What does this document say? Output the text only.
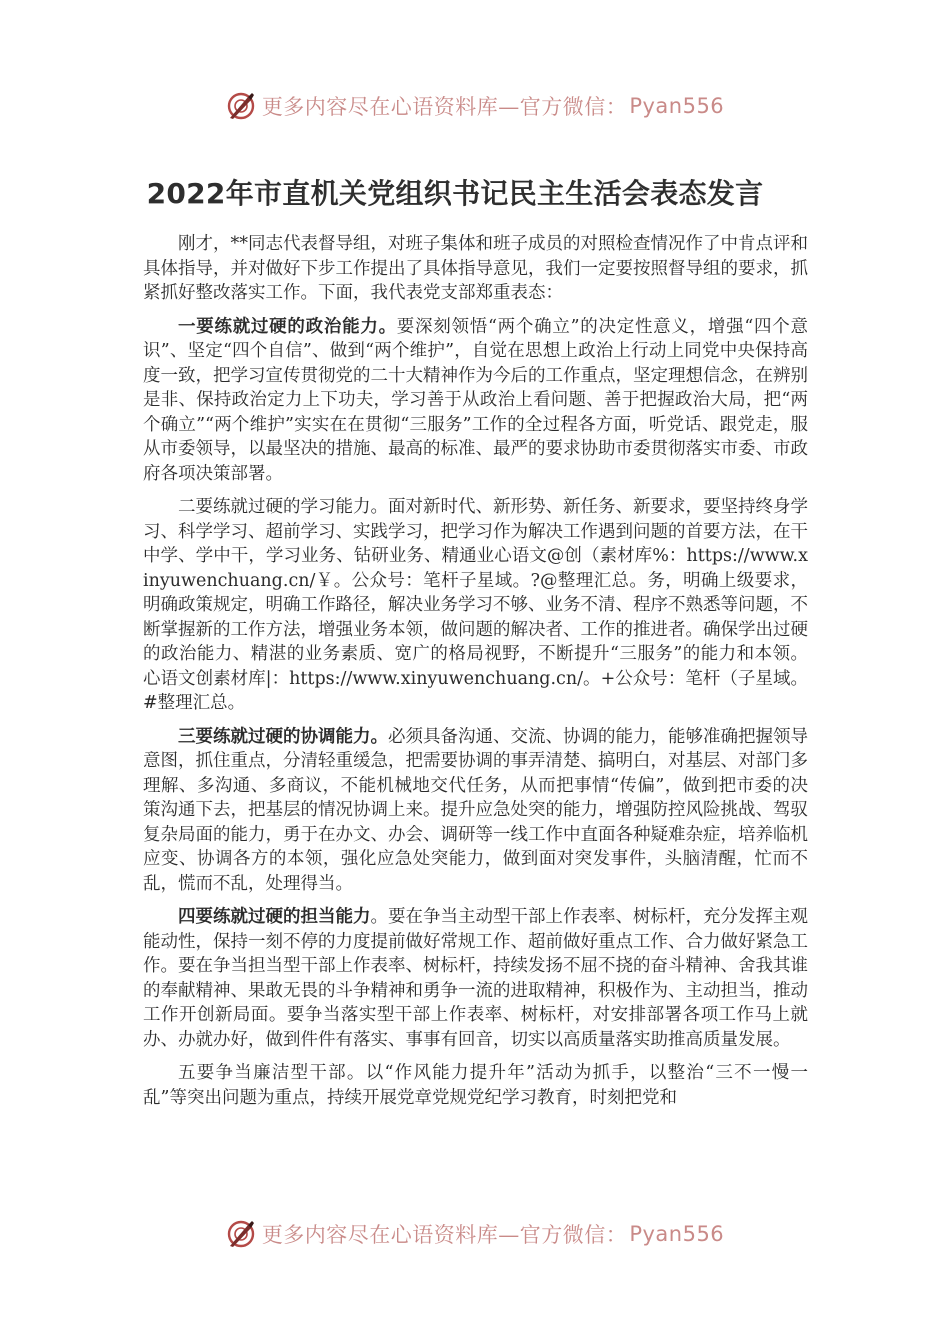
更多内容尽在心语资料库—官方微信： Pyan556
2022年市直机关党组织书记民主生活会表态发言

刚才，**同志代表督导组，对班子集体和班子成员的对照检查情况作了中肯点评和具体指导，并对做好下步工作提出了具体指导意见，我们一定要按照督导组的要求，抓紧抓好整改落实工作。下面，我代表党支部郑重表态：

一要练就过硬的政治能力。要深刻领悟“两个确立”的决定性意义，增强“四个意识”、坚定“四个自信”、做到“两个维护”，自觉在思想上政治上行动上同党中央保持高度一致，把学习宣传贯彻党的二十大精神作为今后的工作重点，坚定理想信念，在辨别是非、保持政治定力上下功夫，学习善于从政治上看问题、善于把握政治大局，把“两个确立”“两个维护”实实在在贯彻“三服务”工作的全过程各方面，听党话、跟党走，服从市委领导，以最坚决的措施、最高的标准、最严的要求协助市委贯彻落实市委、市政府各项决策部署。

二要练就过硬的学习能力。面对新时代、新形势、新任务、新要求，要坚持终身学习、科学学习、超前学习、实践学习，把学习作为解决工作遇到问题的首要方法，在干中学、学中干，学习业务、钻研业务、精通业心语文@创（素材库%：https://www.xinyuwenchuang.cn/￥。公众号：笔杆子星域。?@整理汇总。务，明确上级要求，明确政策规定，明确工作路径，解决业务学习不够、业务不清、程序不熟悉等问题，不断掌握新的工作方法，增强业务本领，做问题的解决者、工作的推进者。确保学出过硬的政治能力、精湛的业务素质、宽广的格局视野，不断提升“三服务”的能力和本领。心语文创素材库|：https://www.xinyuwenchuang.cn/。+公众号：笔杆（子星域。#整理汇总。

三要练就过硬的协调能力。必须具备沟通、交流、协调的能力，能够准确把握领导意图，抓住重点，分清轻重缓急，把需要协调的事弄清楚、搞明白，对基层、对部门多理解、多沟通、多商议，不能机械地交代任务，从而把事情“传偏”，做到把市委的决策沟通下去，把基层的情况协调上来。提升应急处突的能力，增强防控风险挑战、驾驭复杂局面的能力，勇于在办文、办会、调研等一线工作中直面各种疑难杂症，培养临机应变、协调各方的本领，强化应急处突能力，做到面对突发事件，头脑清醒，忙而不乱，慌而不乱，处理得当。

四要练就过硬的担当能力。要在争当主动型干部上作表率、树标杆，充分发挥主观能动性，保持一刻不停的力度提前做好常规工作、超前做好重点工作、合力做好紧急工作。要在争当担当型干部上作表率、树标杆，持续发扬不屈不挠的奋斗精神、舍我其谁的奉献精神、果敢无畏的斗争精神和勇争一流的进取精神，积极作为、主动担当，推动工作开创新局面。要争当落实型干部上作表率、树标杆，对安排部署各项工作马上就办、办就办好，做到件件有落实、事事有回音，切实以高质量落实助推高质量发展。

五要争当廉洁型干部。以“作风能力提升年”活动为抓手，以整治“三不一慢一乱”等突出问题为重点，持续开展党章党规党纪学习教育，时刻把党和

更多内容尽在心语资料库—官方微信： Pyan556
